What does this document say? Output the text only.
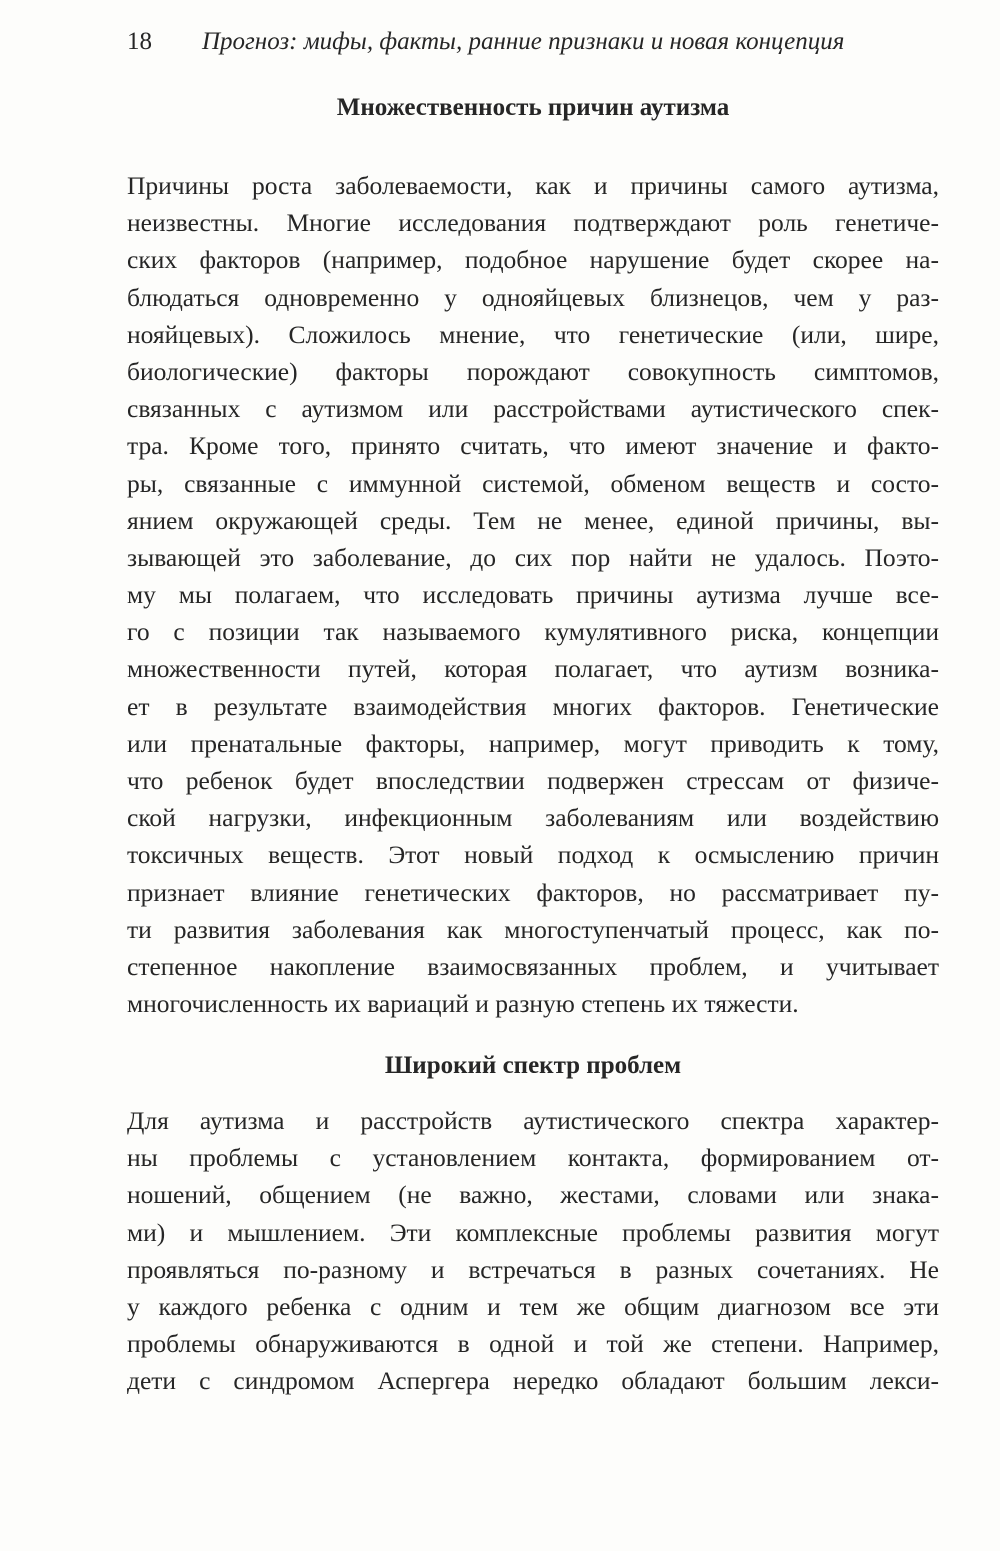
18 Прогноз: мифы, факты, ранние признаки и новая концепция
Множественность причин аутизма
Причины роста заболеваемости, как и причины самого аутизма,
неизвестны. Многие исследования подтверждают роль генетиче-
ских факторов (например, подобное нарушение будет скорее на-
блюдаться одновременно у однояйцевых близнецов, чем у раз-
нояйцевых). Сложилось мнение, что генетические (или, шире,
биологические) факторы порождают совокупность симптомов,
связанных с аутизмом или расстройствами аутистического спек-
тра. Кроме того, принято считать, что имеют значение и факто-
ры, связанные с иммунной системой, обменом веществ и состо-
янием окружающей среды. Тем не менее, единой причины, вы-
зывающей это заболевание, до сих пор найти не удалось. Поэто-
му мы полагаем, что исследовать причины аутизма лучше все-
го с позиции так называемого кумулятивного риска, концепции
множественности путей, которая полагает, что аутизм возника-
ет в результате взаимодействия многих факторов. Генетические
или пренатальные факторы, например, могут приводить к тому,
что ребенок будет впоследствии подвержен стрессам от физиче-
ской нагрузки, инфекционным заболеваниям или воздействию
токсичных веществ. Этот новый подход к осмыслению причин
признает влияние генетических факторов, но рассматривает пу-
ти развития заболевания как многоступенчатый процесс, как по-
степенное накопление взаимосвязанных проблем, и учитывает
многочисленность их вариаций и разную степень их тяжести.
Широкий спектр проблем
Для аутизма и расстройств аутистического спектра характер-
ны проблемы с установлением контакта, формированием от-
ношений, общением (не важно, жестами, словами или знака-
ми) и мышлением. Эти комплексные проблемы развития могут
проявляться по-разному и встречаться в разных сочетаниях. Не
у каждого ребенка с одним и тем же общим диагнозом все эти
проблемы обнаруживаются в одной и той же степени. Например,
дети с синдромом Аспергера нередко обладают большим лекси-
